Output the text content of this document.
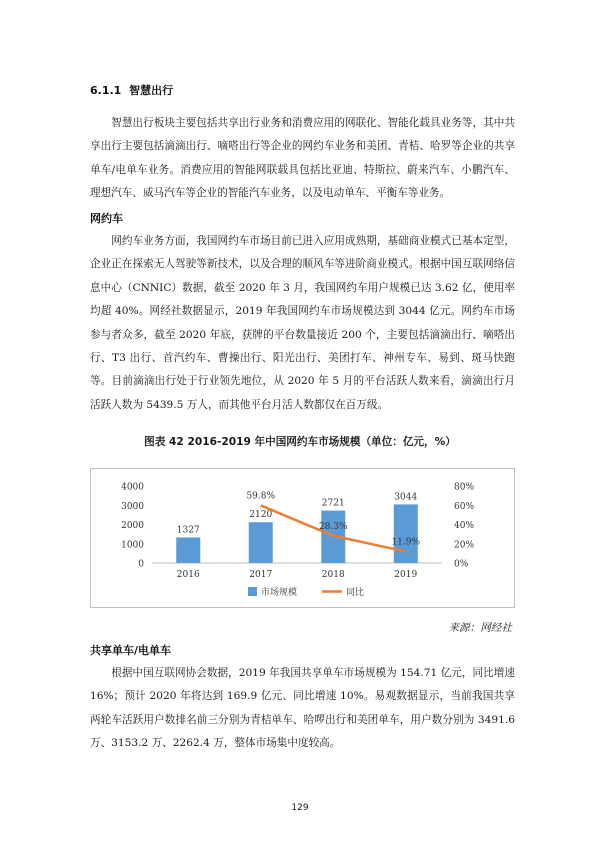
6.1.1 智慧出行

智慧出行板块主要包括共享出行业务和消费应用的网联化、智能化载具业务等，其中共享出行主要包括滴滴出行、嘀嗒出行等企业的网约车业务和美团、青桔、哈罗等企业的共享单车/电单车业务。消费应用的智能网联载具包括比亚迪、特斯拉、蔚来汽车、小鹏汽车、理想汽车、威马汽车等企业的智能汽车业务，以及电动单车、平衡车等业务。

网约车

网约车业务方面，我国网约车市场目前已进入应用成熟期，基础商业模式已基本定型，企业正在探索无人驾驶等新技术，以及合理的顺风车等进阶商业模式。根据中国互联网络信息中心（CNNIC）数据，截至 2020 年 3 月，我国网约车用户规模已达 3.62 亿，使用率均超 40%。网经社数据显示，2019 年我国网约车市场规模达到 3044 亿元。网约车市场参与者众多，截至 2020 年底，获牌的平台数量接近 200 个，主要包括滴滴出行、嘀嗒出行、T3 出行、首汽约车、曹操出行、阳光出行、美团打车、神州专车、易到、斑马快跑等。目前滴滴出行处于行业领先地位，从 2020 年 5 月的平台活跃人数来看，滴滴出行月活跃人数为 5439.5 万人，而其他平台月活人数都仅在百万级。

图表 42 2016-2019 年中国网约车市场规模（单位：亿元，%）
0
1000
2000
3000
4000
0%
20%
40%
60%
80%
1327
2120
2721
3044
59.8%
28.3%
11.9%
2016	2017	2018	2019
市场规模	同比
来源：网经社
共享单车/电单车

根据中国互联网协会数据，2019 年我国共享单车市场规模为 154.71 亿元，同比增速 16%；预计 2020 年将达到 169.9 亿元、同比增速 10%。易观数据显示，当前我国共享两轮车活跃用户数排名前三分别为青桔单车、哈啰出行和美团单车，用户数分别为 3491.6 万、3153.2 万、2262.4 万，整体市场集中度较高。

129
